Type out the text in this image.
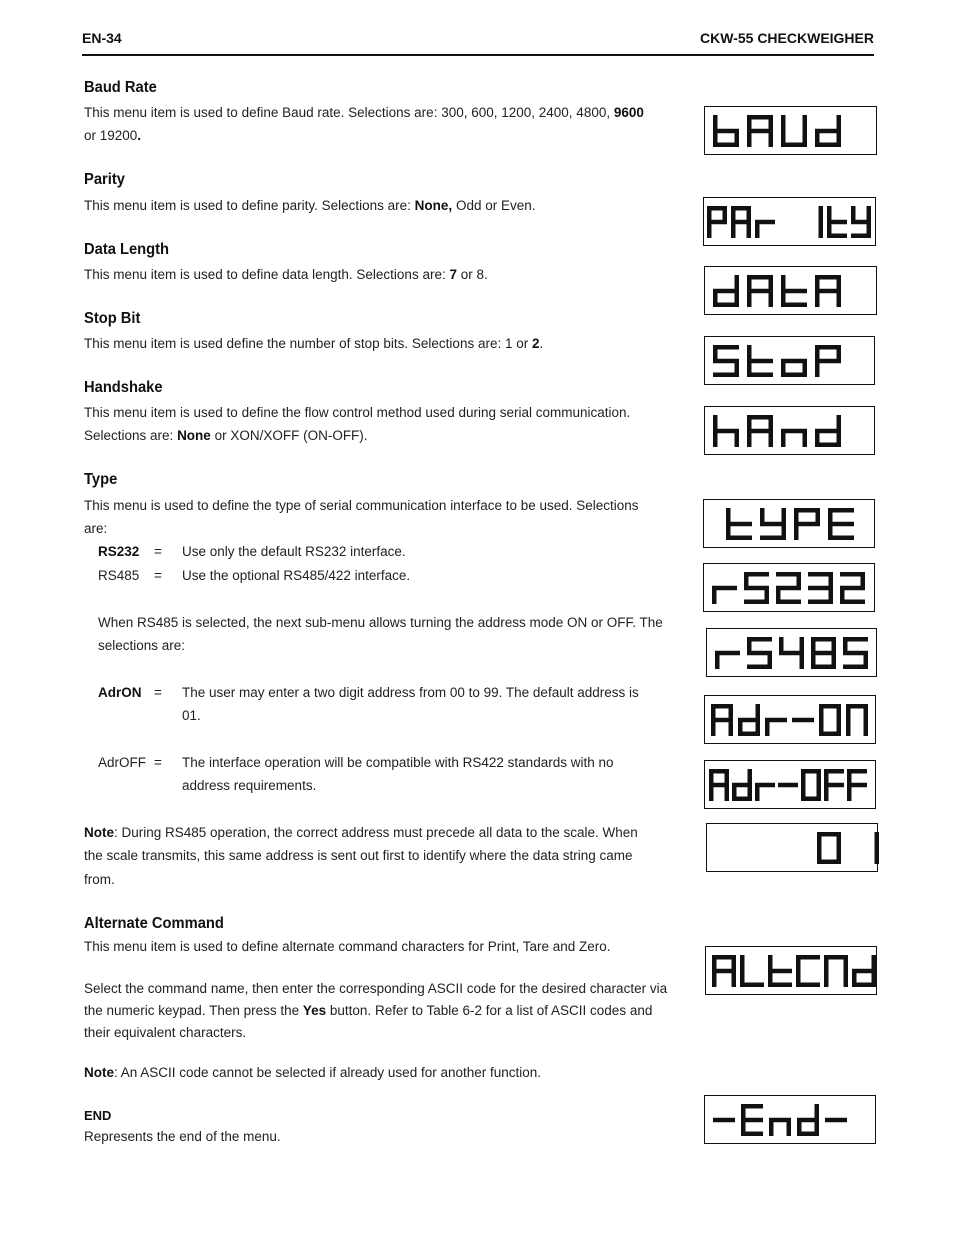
EN-34	CKW-55 CHECKWEIGHER
Baud Rate
This menu item is used to define Baud rate. Selections are: 300, 600, 1200, 2400, 4800, 9600
or 19200.
Parity
This menu item is used to define parity. Selections are: None, Odd or Even.
Data Length
This menu item is used to define data length. Selections are: 7 or 8.
Stop Bit
This menu item is used define the number of stop bits. Selections are: 1 or 2.
Handshake
This menu item is used to define the flow control method used during serial communication.
Selections are: None or XON/XOFF (ON-OFF).
Type
This menu is used to define the type of serial communication interface to be used. Selections
are:
RS232 = Use only the default RS232 interface.
RS485 = Use the optional RS485/422 interface.
When RS485 is selected, the next sub-menu allows turning the address mode ON or OFF. The
selections are:
AdrON = The user may enter a two digit address from 00 to 99. The default address is
01.
AdrOFF = The interface operation will be compatible with RS422 standards with no
address requirements.
Note: During RS485 operation, the correct address must precede all data to the scale. When
the scale transmits, this same address is sent out first to identify where the data string came
from.
Alternate Command
This menu item is used to define alternate command characters for Print, Tare and Zero.
Select the command name, then enter the corresponding ASCII code for the desired character via
the numeric keypad. Then press the Yes button. Refer to Table 6-2 for a list of ASCII codes and
their equivalent characters.
Note: An ASCII code cannot be selected if already used for another function.
END
Represents the end of the menu.
